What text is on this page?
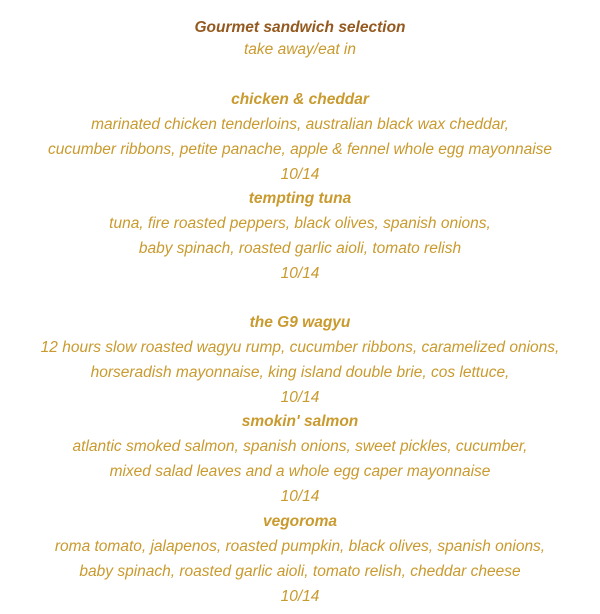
Gourmet sandwich selection
take away/eat in
chicken & cheddar
marinated chicken tenderloins, australian black wax cheddar,
cucumber ribbons, petite panache, apple & fennel whole egg mayonnaise
10/14
tempting tuna
tuna, fire roasted peppers, black olives, spanish onions,
baby spinach, roasted garlic aioli, tomato relish
10/14
the G9 wagyu
12 hours slow roasted wagyu rump, cucumber ribbons, caramelized onions,
horseradish mayonnaise, king island double brie, cos lettuce,
10/14
smokin' salmon
atlantic smoked salmon, spanish onions, sweet pickles, cucumber,
mixed salad leaves and a whole egg caper mayonnaise
10/14
vegoroma
roma tomato, jalapenos, roasted pumpkin, black olives, spanish onions,
baby spinach, roasted garlic aioli, tomato relish, cheddar cheese
10/14
